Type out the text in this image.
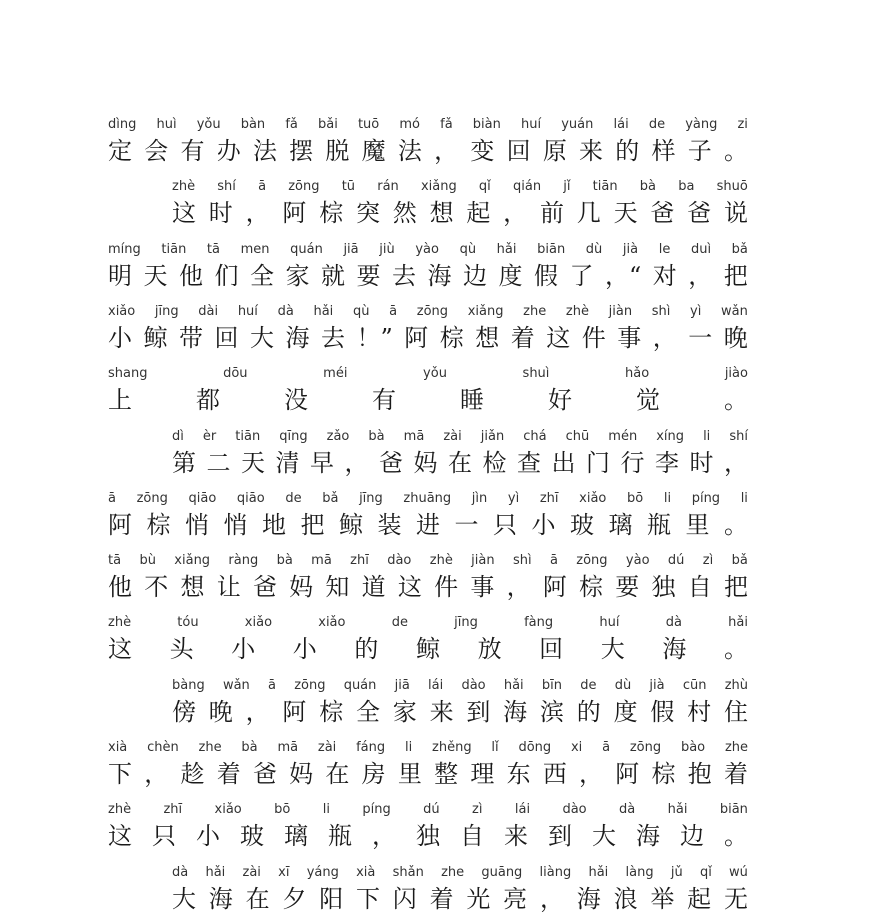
dìng huì yǒu bàn fǎ bǎi tuō mó fǎ biàn huí yuán lái de yàng zi
定 会 有 办 法 摆 脱 魔 法 ， 变 回 原 来 的 样 子 。
zhè shí ā zōng tū rán xiǎng qǐ qián jǐ tiān bà ba shuō
这 时 ， 阿 棕 突 然 想 起 ， 前 几 天 爸 爸 说
míng tiān tā men quán jiā jiù yào qù hǎi biān dù jià le duì bǎ
明 天 他 们 全 家 就 要 去 海 边 度 假 了 ，“ 对 ， 把
xiǎo jīng dài huí dà hǎi qù ā zōng xiǎng zhe zhè jiàn shì yì wǎn
小 鲸 带 回 大 海 去 ！” 阿 棕 想 着 这 件 事 ， 一 晚
shang	dōu	méi	yǒu	shuì	hǎo	jiào
上	都	没	有	睡	好	觉	。
dì èr tiān qīng zǎo bà mā zài jiǎn chá chū mén xíng li shí
第 二 天 清 早 ， 爸 妈 在 检 查 出 门 行 李 时 ，
ā zōng qiāo qiāo de bǎ jīng zhuāng jìn yì zhī xiǎo bō li píng li
阿 棕 悄 悄 地 把 鲸 装 进 一 只 小 玻 璃 瓶 里 。
tā bù xiǎng ràng bà mā zhī dào zhè jiàn shì ā zōng yào dú zì bǎ
他 不 想 让 爸 妈 知 道 这 件 事 ， 阿 棕 要 独 自 把
zhè	tóu	xiǎo	xiǎo	de	jīng	fàng	huí	dà	hǎi
这 头 小 小 的 鲸 放 回 大 海 。
bàng wǎn ā zōng quán jiā lái dào hǎi bīn de dù jià cūn zhù
傍 晚 ， 阿 棕 全 家 来 到 海 滨 的 度 假 村 住
xià chèn zhe bà mā zài fáng li zhěng lǐ dōng xi ā zōng bào zhe
下 ， 趁 着 爸 妈 在 房 里 整 理 东 西 ， 阿 棕 抱 着
zhè zhī xiǎo bō li píng dú zì lái dào dà hǎi biān
这 只 小 玻 璃 瓶 ， 独 自 来 到 大 海 边 。
dà hǎi zài xī yáng xià shǎn zhe guāng liàng hǎi làng jǔ qǐ wú
大 海 在 夕 阳 下 闪 着 光 亮 ， 海 浪 举 起 无
